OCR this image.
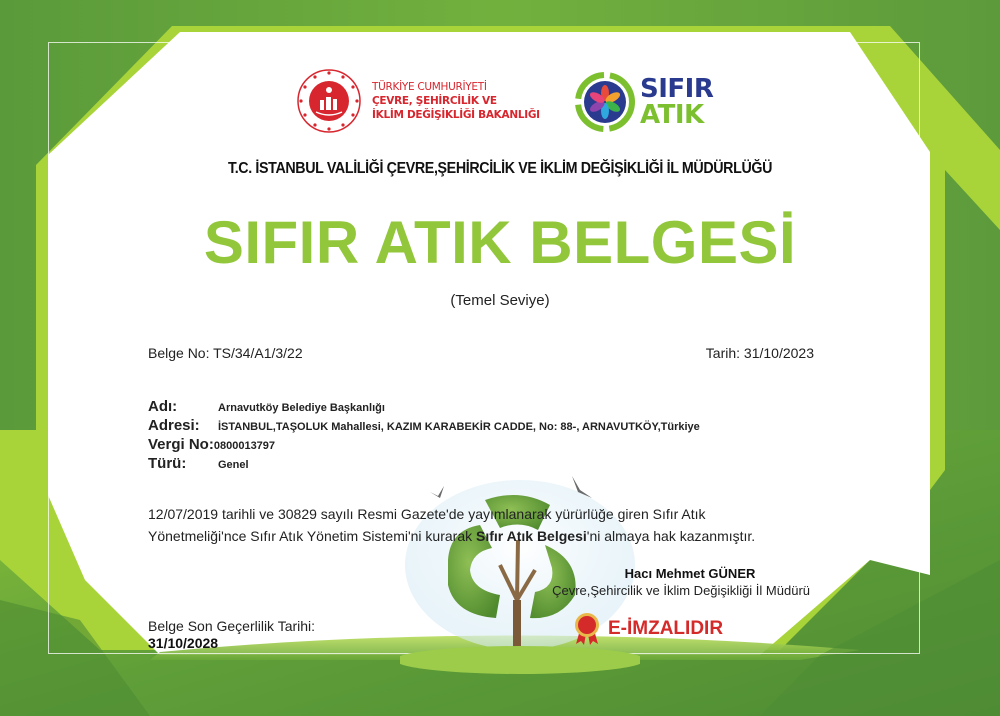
TÜRKİYE CUMHURİYETİ
ÇEVRE, ŞEHİRCİLİK VE
İKLİM DEĞİŞİKLİĞİ BAKANLIĞI
SIFIR
ATIK
T.C. İSTANBUL VALİLİĞİ ÇEVRE,ŞEHİRCİLİK VE İKLİM DEĞİŞİKLİĞİ İL MÜDÜRLÜĞÜ
SIFIR ATIK BELGESİ
(Temel Seviye)
Belge No: TS/34/A1/3/22	Tarih: 31/10/2023
Adı:	Arnavutköy Belediye Başkanlığı
Adresi:	İSTANBUL,TAŞOLUK Mahallesi, KAZIM KARABEKİR CADDE, No: 88-, ARNAVUTKÖY,Türkiye
Vergi No: 0800013797
Türü:	Genel
12/07/2019 tarihli ve 30829 sayılı Resmi Gazete'de yayımlanarak yürürlüğe giren Sıfır Atık
Yönetmeliği'nce Sıfır Atık Yönetim Sistemi'ni kurarak Sıfır Atık Belgesi'ni almaya hak kazanmıştır.
Hacı Mehmet GÜNER
Çevre,Şehircilik ve İklim Değişikliği İl Müdürü
E-İMZALIDIR
Belge Son Geçerlilik Tarihi:
31/10/2028
